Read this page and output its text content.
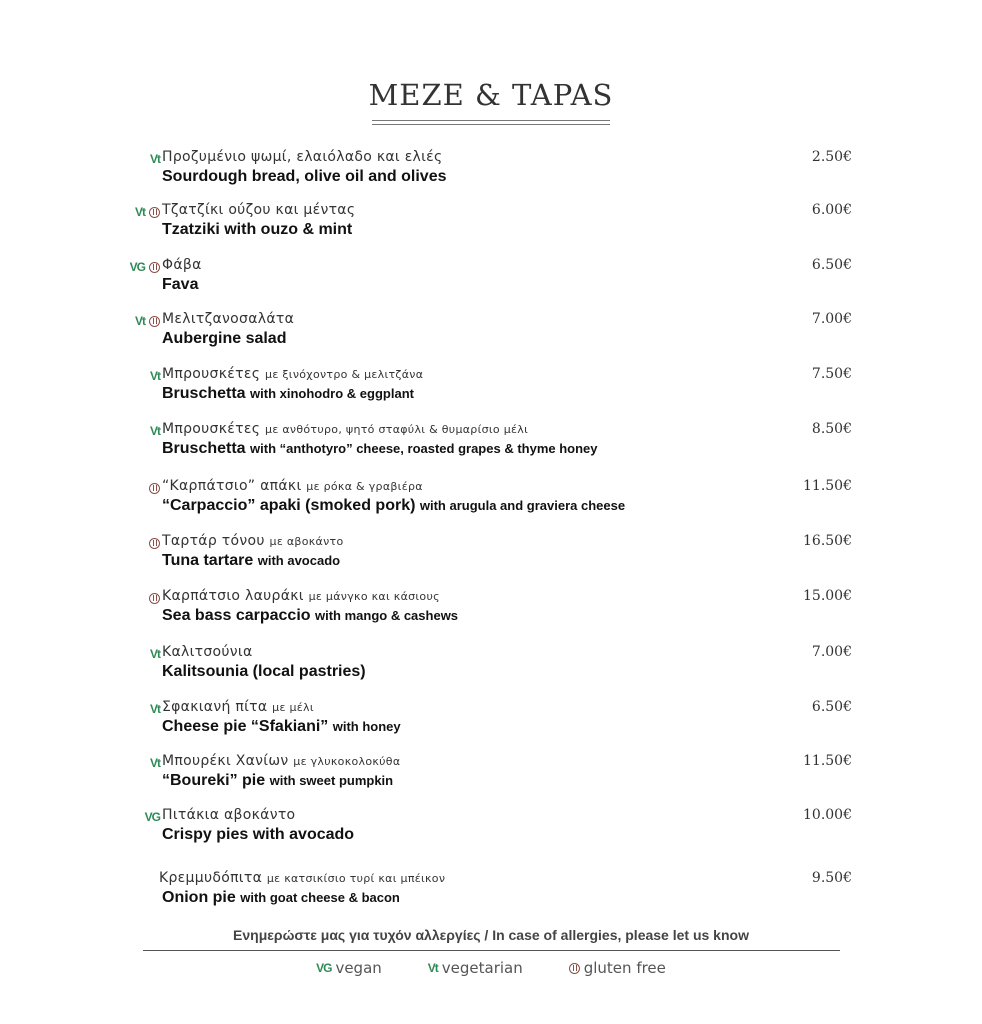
MEZE & TAPAS
Vt Προζυμένιο ψωμί, ελαιόλαδο και ελιές
Sourdough bread, olive oil and olives
2.50€
Vt Τζατζίκι ούζου και μέντας
Tzatziki with ouzo & mint
6.00€
VG Φάβα
Fava
6.50€
Vt Μελιτζανοσαλάτα
Aubergine salad
7.00€
Vt Μπρουσκέτες με ξινόχοντρο & μελιτζάνα
Bruschetta with xinohodro & eggplant
7.50€
Vt Μπρουσκέτες με ανθότυρο, ψητό σταφύλι & θυμαρίσιο μέλι
Bruschetta with “anthotyro” cheese, roasted grapes & thyme honey
8.50€
“Καρπάτσιο” απάκι με ρόκα & γραβιέρα
“Carpaccio” apaki (smoked pork) with arugula and graviera cheese
11.50€
Ταρτάρ τόνου με αβοκάντο
Tuna tartare with avocado
16.50€
Καρπάτσιο λαυράκι με μάνγκο και κάσιους
Sea bass carpaccio with mango & cashews
15.00€
Vt Καλιτσούνια
Kalitsounia (local pastries)
7.00€
Vt Σφακιανή πίτα με μέλι
Cheese pie “Sfakiani” with honey
6.50€
Vt Μπουρέκι Χανίων με γλυκοκολοκύθα
“Boureki” pie with sweet pumpkin
11.50€
VG Πιτάκια αβοκάντο
Crispy pies with avocado
10.00€
Κρεμμυδόπιτα με κατσικίσιο τυρί και μπέικον
Onion pie with goat cheese & bacon
9.50€
Ενημερώστε μας για τυχόν αλλεργίες / In case of allergies, please let us know
VG vegan	Vt vegetarian	gluten free
